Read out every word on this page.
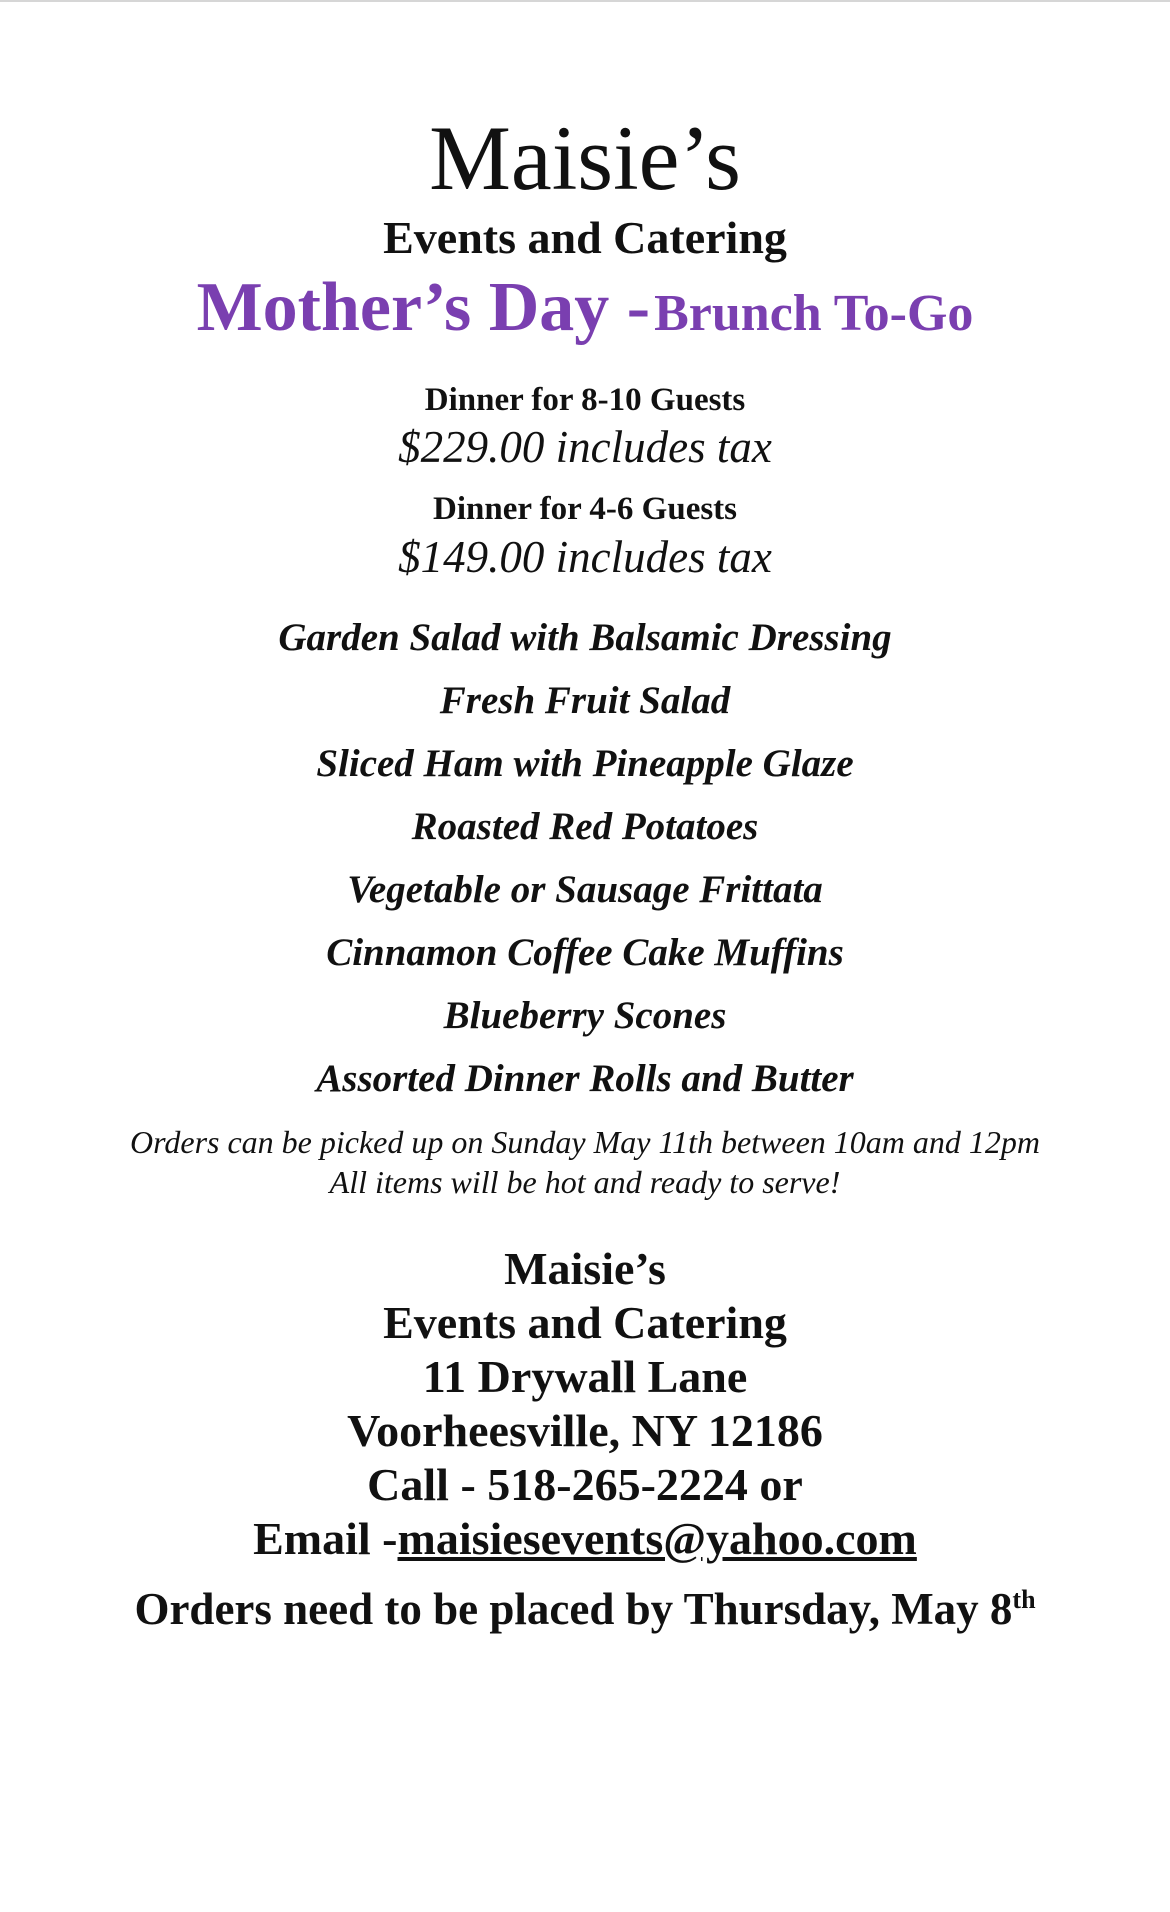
Maisie’s
Events and Catering
Mother’s Day - Brunch To-Go
Dinner for 8-10 Guests
$229.00 includes tax
Dinner for 4-6 Guests
$149.00 includes tax
Garden Salad with Balsamic Dressing
Fresh Fruit Salad
Sliced Ham with Pineapple Glaze
Roasted Red Potatoes
Vegetable or Sausage Frittata
Cinnamon Coffee Cake Muffins
Blueberry Scones
Assorted Dinner Rolls and Butter
Orders can be picked up on Sunday May 11th between 10am and 12pm
All items will be hot and ready to serve!
Maisie’s
Events and Catering
11 Drywall Lane
Voorheesville, NY 12186
Call - 518-265-2224 or
Email -maisiesevents@yahoo.com
Orders need to be placed by Thursday, May 8th
